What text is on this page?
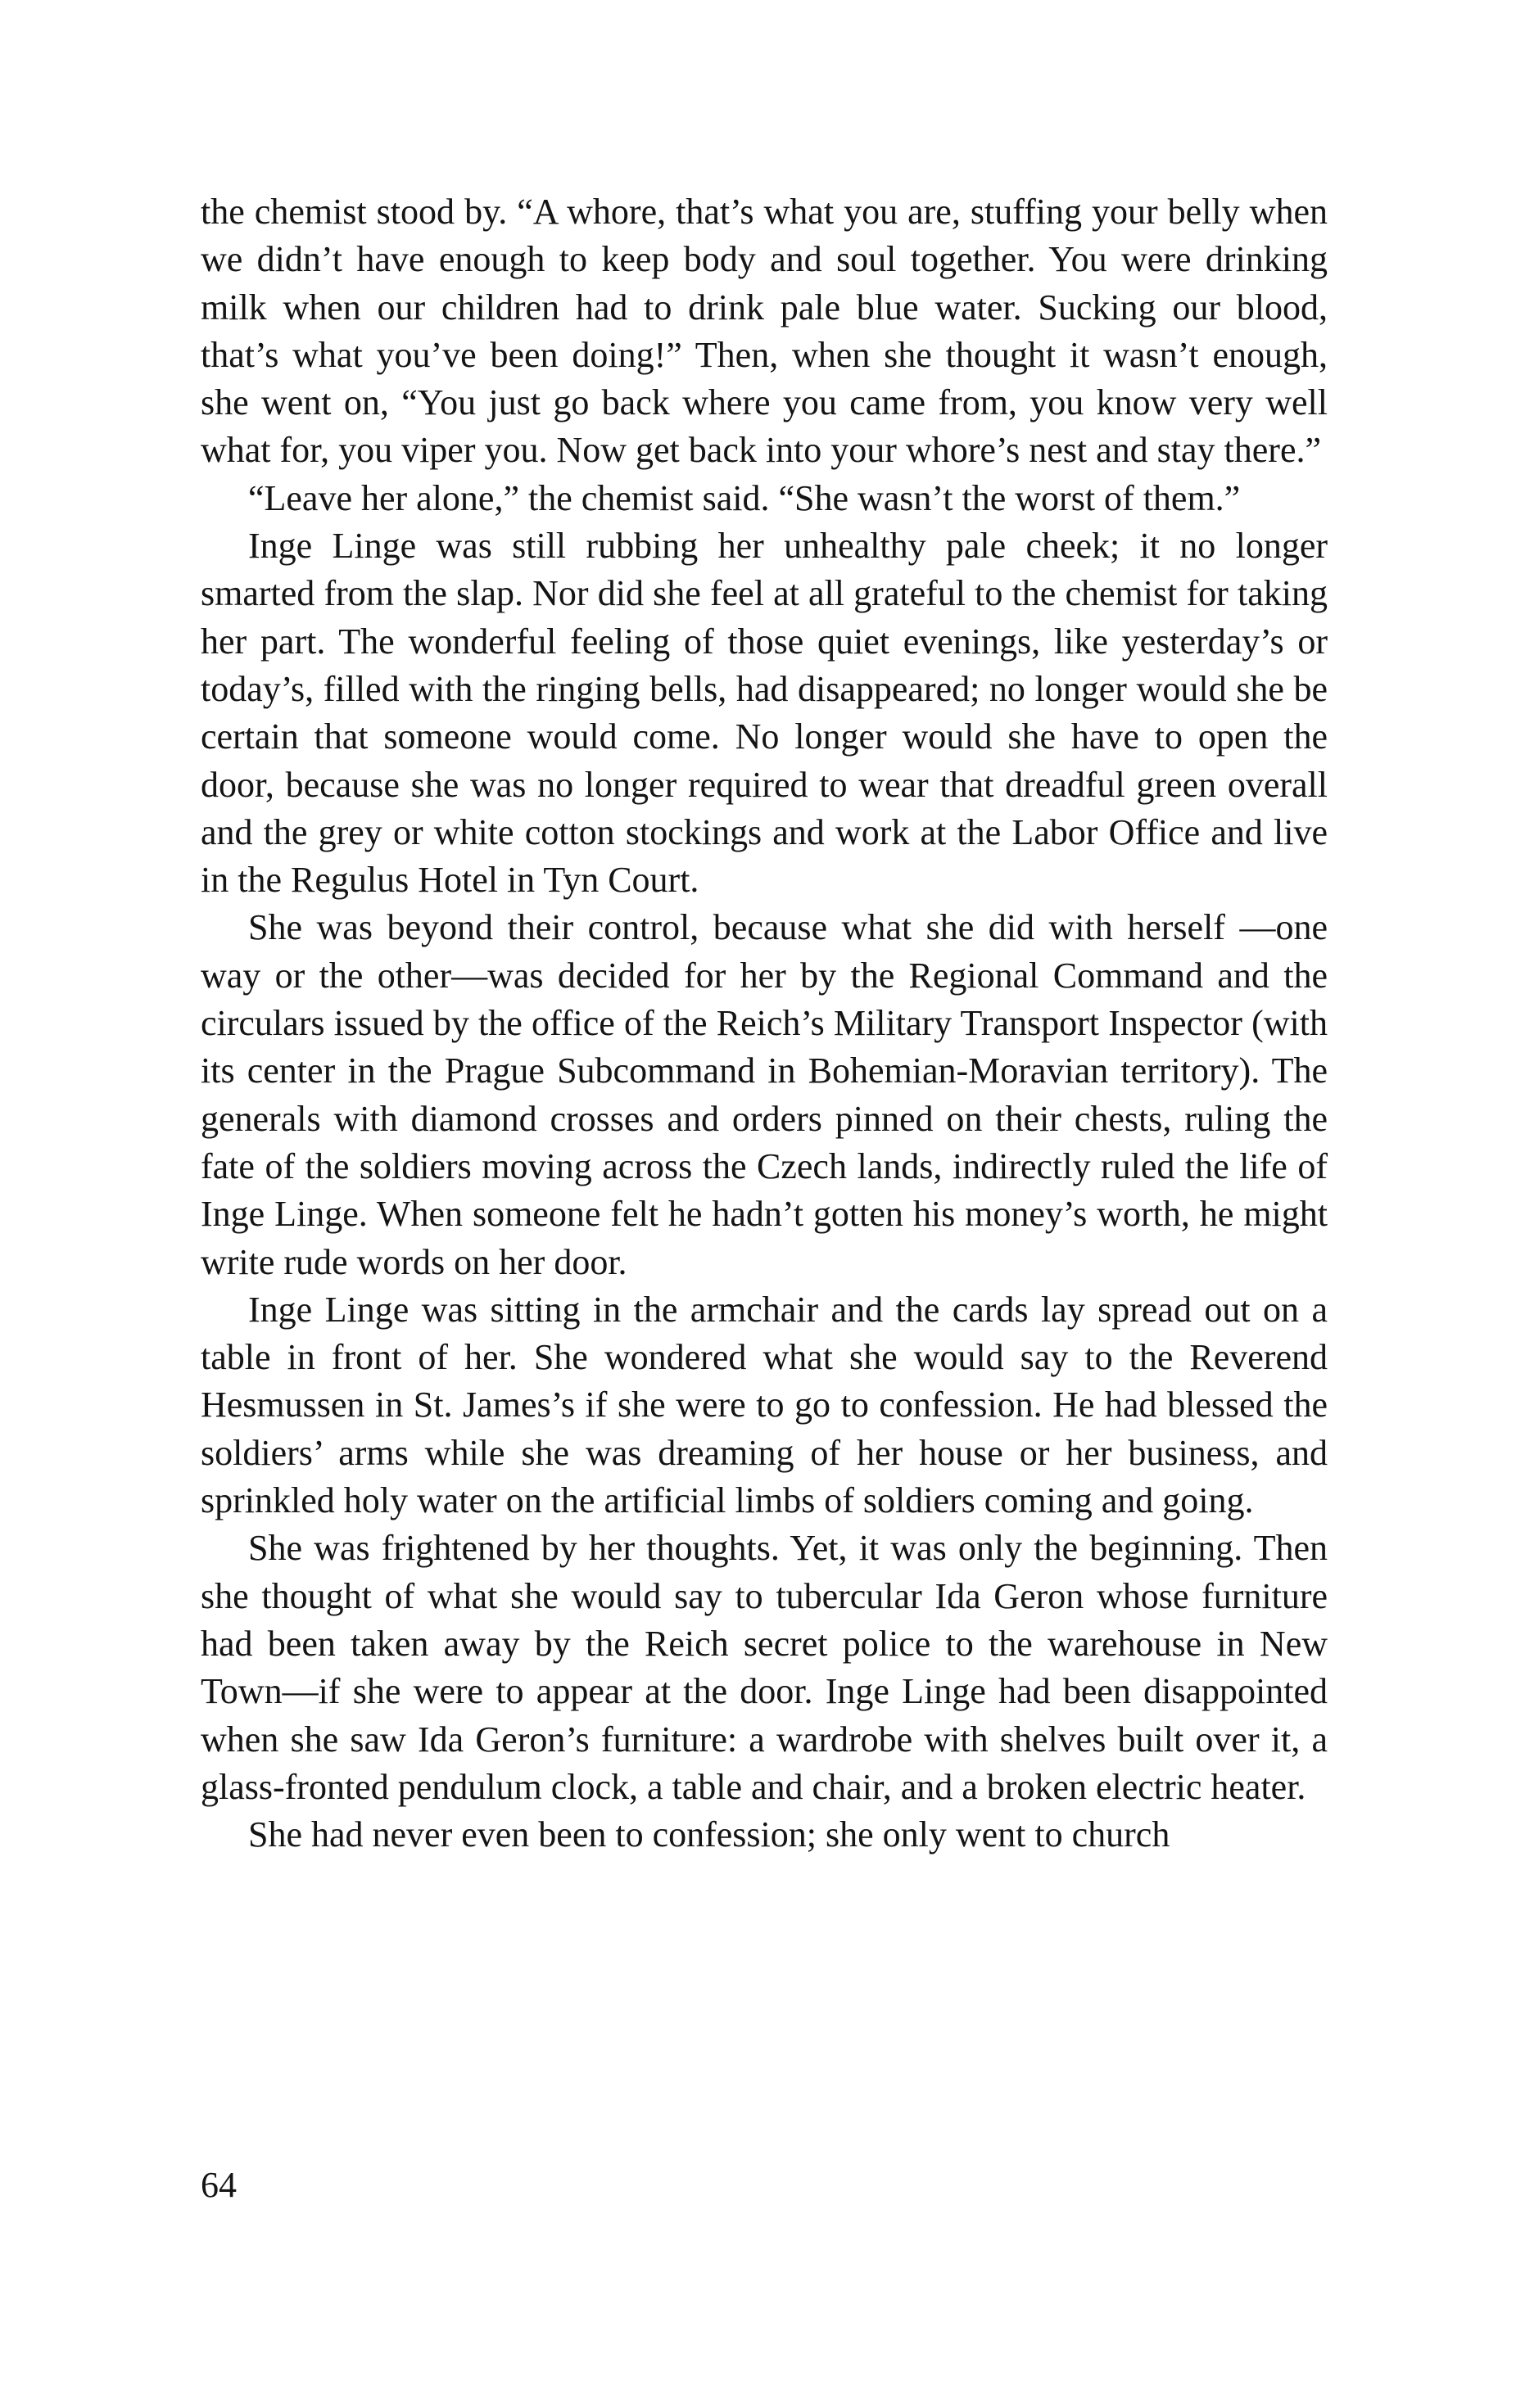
the chemist stood by. “A whore, that’s what you are, stuffing your belly when we didn’t have enough to keep body and soul together. You were drinking milk when our children had to drink pale blue water. Sucking our blood, that’s what you’ve been doing!” Then, when she thought it wasn’t enough, she went on, “You just go back where you came from, you know very well what for, you viper you. Now get back into your whore’s nest and stay there.”

“Leave her alone,” the chemist said. “She wasn’t the worst of them.”

Inge Linge was still rubbing her unhealthy pale cheek; it no longer smarted from the slap. Nor did she feel at all grateful to the chemist for taking her part. The wonderful feeling of those quiet evenings, like yesterday’s or today’s, filled with the ringing bells, had disappeared; no longer would she be certain that someone would come. No longer would she have to open the door, because she was no longer required to wear that dreadful green overall and the grey or white cotton stockings and work at the Labor Office and live in the Regulus Hotel in Tyn Court.

She was beyond their control, because what she did with herself —one way or the other—was decided for her by the Regional Command and the circulars issued by the office of the Reich’s Military Transport Inspector (with its center in the Prague Subcommand in Bohemian-Moravian territory). The generals with diamond crosses and orders pinned on their chests, ruling the fate of the soldiers moving across the Czech lands, indirectly ruled the life of Inge Linge. When someone felt he hadn’t gotten his money’s worth, he might write rude words on her door.

Inge Linge was sitting in the armchair and the cards lay spread out on a table in front of her. She wondered what she would say to the Reverend Hesmussen in St. James’s if she were to go to confession. He had blessed the soldiers’ arms while she was dreaming of her house or her business, and sprinkled holy water on the artificial limbs of soldiers coming and going.

She was frightened by her thoughts. Yet, it was only the beginning. Then she thought of what she would say to tubercular Ida Geron whose furniture had been taken away by the Reich secret police to the warehouse in New Town—if she were to appear at the door. Inge Linge had been disappointed when she saw Ida Geron’s furniture: a wardrobe with shelves built over it, a glass-fronted pendulum clock, a table and chair, and a broken electric heater.

She had never even been to confession; she only went to church

64
